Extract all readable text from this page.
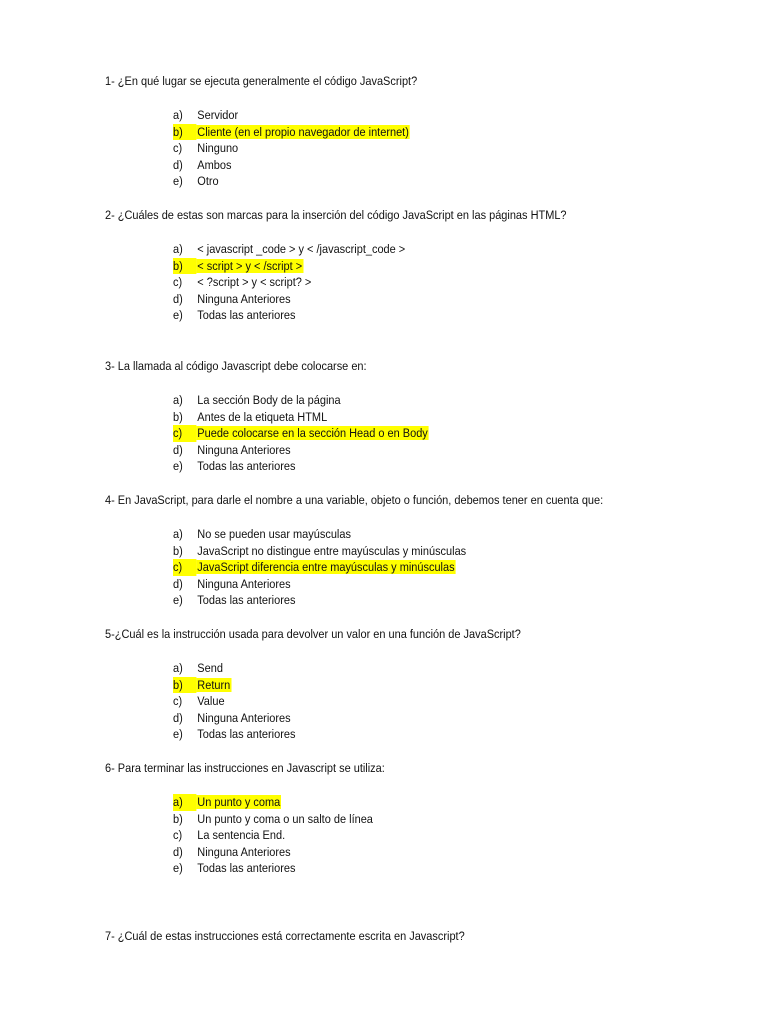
1- ¿En qué lugar se ejecuta generalmente el código JavaScript?
a) Servidor
b) Cliente (en el propio navegador de internet)
c) Ninguno
d) Ambos
e) Otro
2- ¿Cuáles de estas son marcas para la inserción del código JavaScript en las páginas HTML?
a) < javascript _code > y < /javascript_code >
b) < script > y < /script >
c) < ?script > y < script? >
d) Ninguna Anteriores
e) Todas las anteriores
3- La llamada al código Javascript debe colocarse en:
a) La sección Body de la página
b) Antes de la etiqueta HTML
c) Puede colocarse en la sección Head o en Body
d) Ninguna Anteriores
e) Todas las anteriores
4- En JavaScript, para darle el nombre a una variable, objeto o función, debemos tener en cuenta que:
a) No se pueden usar mayúsculas
b) JavaScript no distingue entre mayúsculas y minúsculas
c) JavaScript diferencia entre mayúsculas y minúsculas
d) Ninguna Anteriores
e) Todas las anteriores
5-¿Cuál es la instrucción usada para devolver un valor en una función de JavaScript?
a) Send
b) Return
c) Value
d) Ninguna Anteriores
e) Todas las anteriores
6- Para terminar las instrucciones en Javascript se utiliza:
a) Un punto y coma
b) Un punto y coma o un salto de línea
c) La sentencia End.
d) Ninguna Anteriores
e) Todas las anteriores
7- ¿Cuál de estas instrucciones está correctamente escrita en Javascript?
